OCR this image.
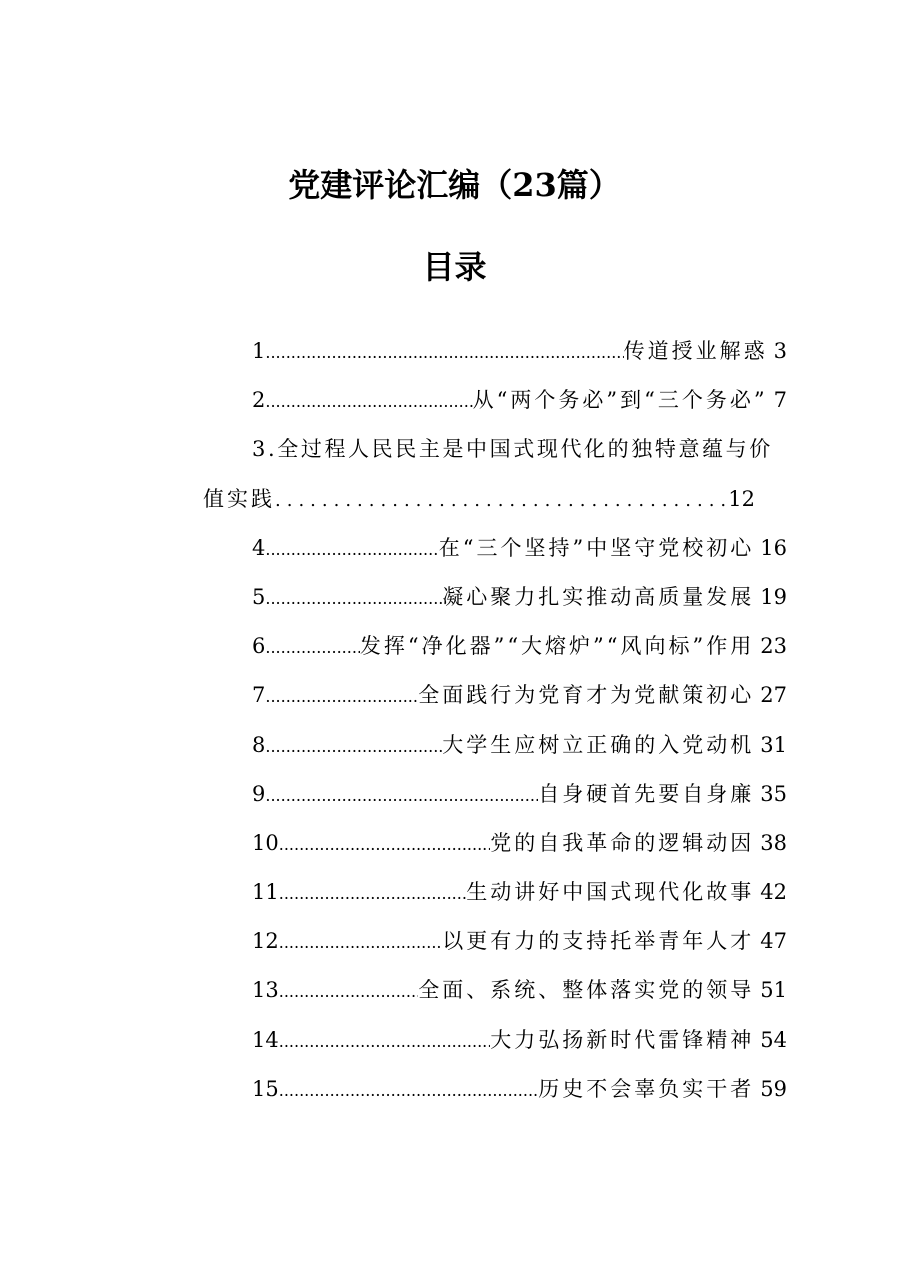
党建评论汇编（23篇）
目录
1 .....	传道授业解惑 3
2 .....	从“两个务必”到“三个务必” 7
3.全过程人民民主是中国式现代化的独特意蕴与价
值实践 .....	12
4 .....	在“三个坚持”中坚守党校初心 16
5 .....	凝心聚力扎实推动高质量发展 19
6 .....	发挥“净化器”“大熔炉”“风向标”作用 23
7 .....	全面践行为党育才为党献策初心 27
8 .....	大学生应树立正确的入党动机 31
9 .....	自身硬首先要自身廉 35
10 .....	党的自我革命的逻辑动因 38
11 .....	生动讲好中国式现代化故事 42
12 .....	以更有力的支持托举青年人才 47
13 .....	全面、系统、整体落实党的领导 51
14 .....	大力弘扬新时代雷锋精神 54
15 .....	历史不会辜负实干者 59
